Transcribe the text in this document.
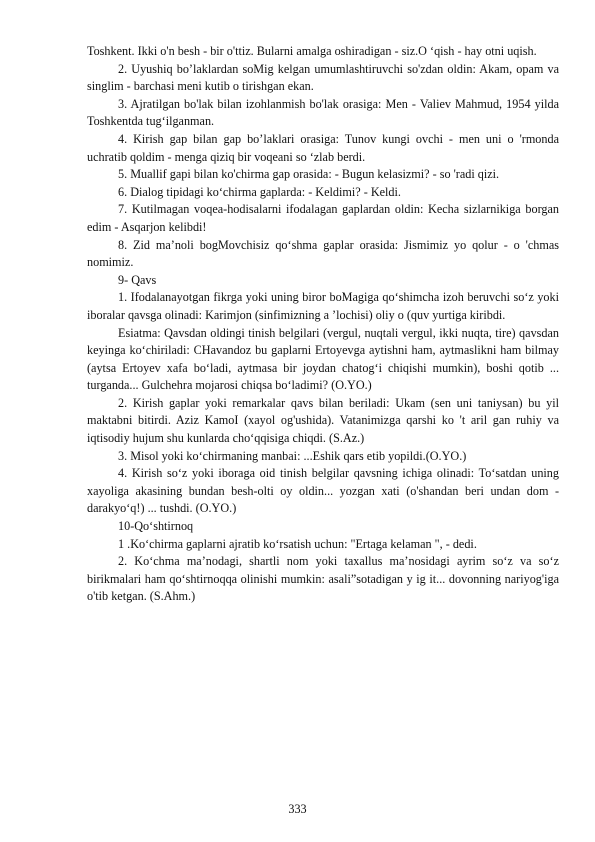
Toshkent. Ikki o'n besh - bir o'ttiz. Bularni amalga oshiradigan - siz.O ‘qish - hay otni uqish.

2. Uyushiq bo’laklardan soMig kelgan umumlashtiruvchi so'zdan oldin: Akam, opam va singlim - barchasi meni kutib o tirishgan ekan.

3. Ajratilgan bo'lak bilan izohlanmish bo'lak orasiga: Men - Valiev Mahmud, 1954 yilda Toshkentda tug‘ilganman.

4. Kirish gap bilan gap bo’laklari orasiga: Tunov kungi ovchi - men uni o 'rmonda uchratib qoldim - menga qiziq bir voqeani so ‘zlab berdi.

5. Muallif gapi bilan ko'chirma gap orasida: - Bugun kelasizmi? - so 'radi qizi.

6. Dialog tipidagi ko‘chirma gaplarda: - Keldimi? - Keldi.

7. Kutilmagan voqea-hodisalarni ifodalagan gaplardan oldin: Kecha sizlarnikiga borgan edim - Asqarjon kelibdi!

8. Zid ma’noli bogMovchisiz qo‘shma gaplar orasida: Jismimiz yo qolur - o 'chmas nomimiz.

9- Qavs

1. Ifodalanayotgan fikrga yoki uning biror boMagiga qo‘shimcha izoh beruvchi so‘z yoki iboralar qavsga olinadi: Karimjon (sinfimizning a ’lochisi) oliy o (quv yurtiga kiribdi.

Esiatma: Qavsdan oldingi tinish belgilari (vergul, nuqtali vergul, ikki nuqta, tire) qavsdan keyinga ko‘chiriladi: CHavandoz bu gaplarni Ertoyevga aytishni ham, aytmaslikni ham bilmay (aytsa Ertoyev xafa bo‘ladi, aytmasa bir joydan chatog‘i chiqishi mumkin), boshi qotib ... turganda... Gulchehra mojarosi chiqsa bo‘ladimi? (O.YO.)

2. Kirish gaplar yoki remarkalar qavs bilan beriladi: Ukam (sen uni taniysan) bu yil maktabni bitirdi. Aziz KamoI (xayol og'ushida). Vatanimizga qarshi ko 't aril gan ruhiy va iqtisodiy hujum shu kunlarda cho‘qqisiga chiqdi. (S.Az.)

3. Misol yoki ko‘chirmaning manbai: ...Eshik qars etib yopildi.(O.YO.)

4. Kirish so‘z yoki iboraga oid tinish belgilar qavsning ichiga olinadi: To‘satdan uning xayoliga akasining bundan besh-olti oy oldin... yozgan xati (o'shandan beri undan dom -darakyo‘q!) ... tushdi. (O.YO.)

10-Qo‘shtirnoq

1 .Ko‘chirma gaplarni ajratib ko‘rsatish uchun: "Ertaga kelaman ", - dedi.

2. Ko‘chma ma’nodagi, shartli nom yoki taxallus ma’nosidagi ayrim so‘z va so‘z birikmalari ham qo‘shtirnoqqa olinishi mumkin: asali”sotadigan y ig it... dovonning nariyog'iga o'tib ketgan. (S.Ahm.)

333
